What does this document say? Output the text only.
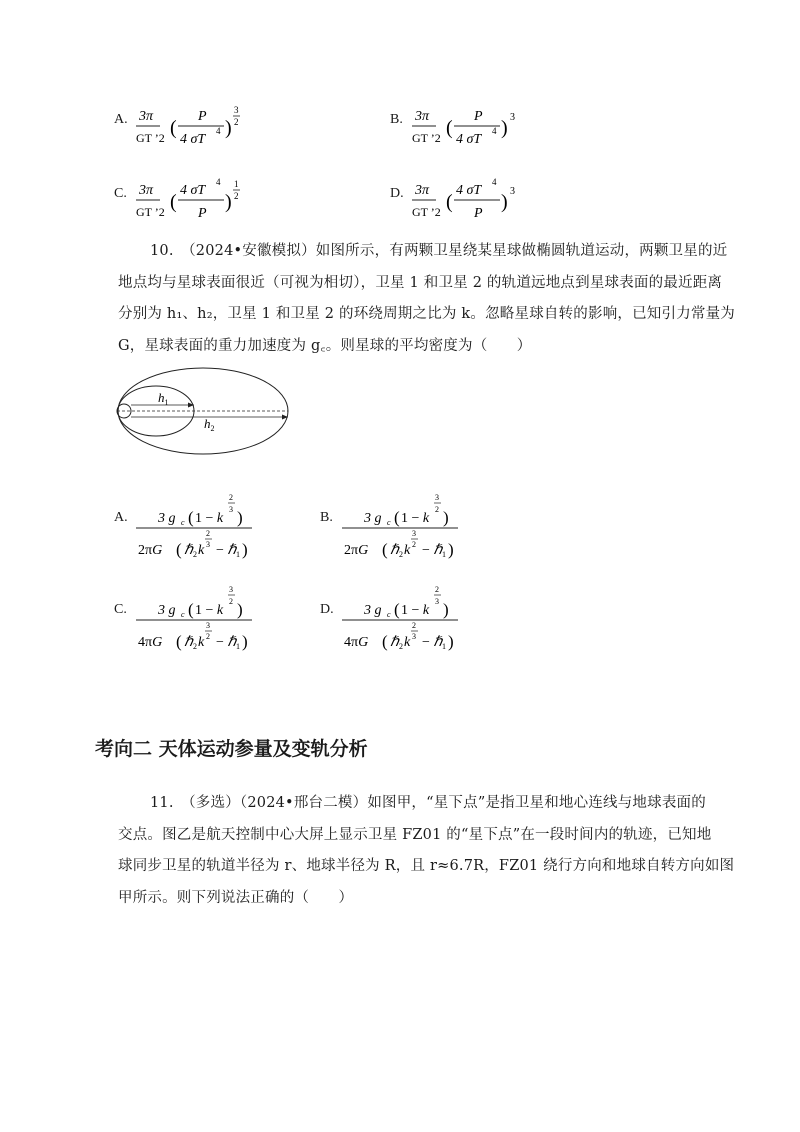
A. 3π
GT ’2 (
P
4 σT
4 )
3
2	B. 3π
GT ’2 (
P
4 σT
4 ) 3
C. 3π
GT ’2 (
4 σT
4
P
)
1
2	D. 3π
GT ’2 (
4 σT
4
P
) 3
10.　（2024•安徽模拟）如图所示，有两颗卫星绕某星球做椭圆轨道运动，两颗卫星的近
地点均与星球表面很近（可视为相切），卫星 1 和卫星 2 的轨道远地点到星球表面的最近距离
分别为 h₁、h₂，卫星 1 和卫星 2 的环绕周期之比为 k。忽略星球自转的影响，已知引力常量为
G，星球表面的重力加速度为 g꜀。则星球的平均密度为（　　）
$h_1$
$h_2$
A. 3 g c ( 1 − k
2
3 )
2πG ( ℏ 2 k
2
3 − ℏ 1 )
B. 3 g c ( 1 − k
3
2 )
2πG ( ℏ 2 k
3
2 − ℏ 1 )
C. 3 g c ( 1 − k
3
2 )
4πG ( ℏ 2 k
3
2 − ℏ 1 )
D. 3 g c ( 1 − k
2
3 )
4πG ( ℏ 2 k
2
3 − ℏ 1 )
考向二 天体运动参量及变轨分析
11.　（多选）（2024•邢台二模）如图甲，“星下点”是指卫星和地心连线与地球表面的
交点。图乙是航天控制中心大屏上显示卫星 FZ01 的“星下点”在一段时间内的轨迹，已知地
球同步卫星的轨道半径为 r、地球半径为 R，且 r≈6.7R，FZ01 绕行方向和地球自转方向如图
甲所示。则下列说法正确的（　　）
